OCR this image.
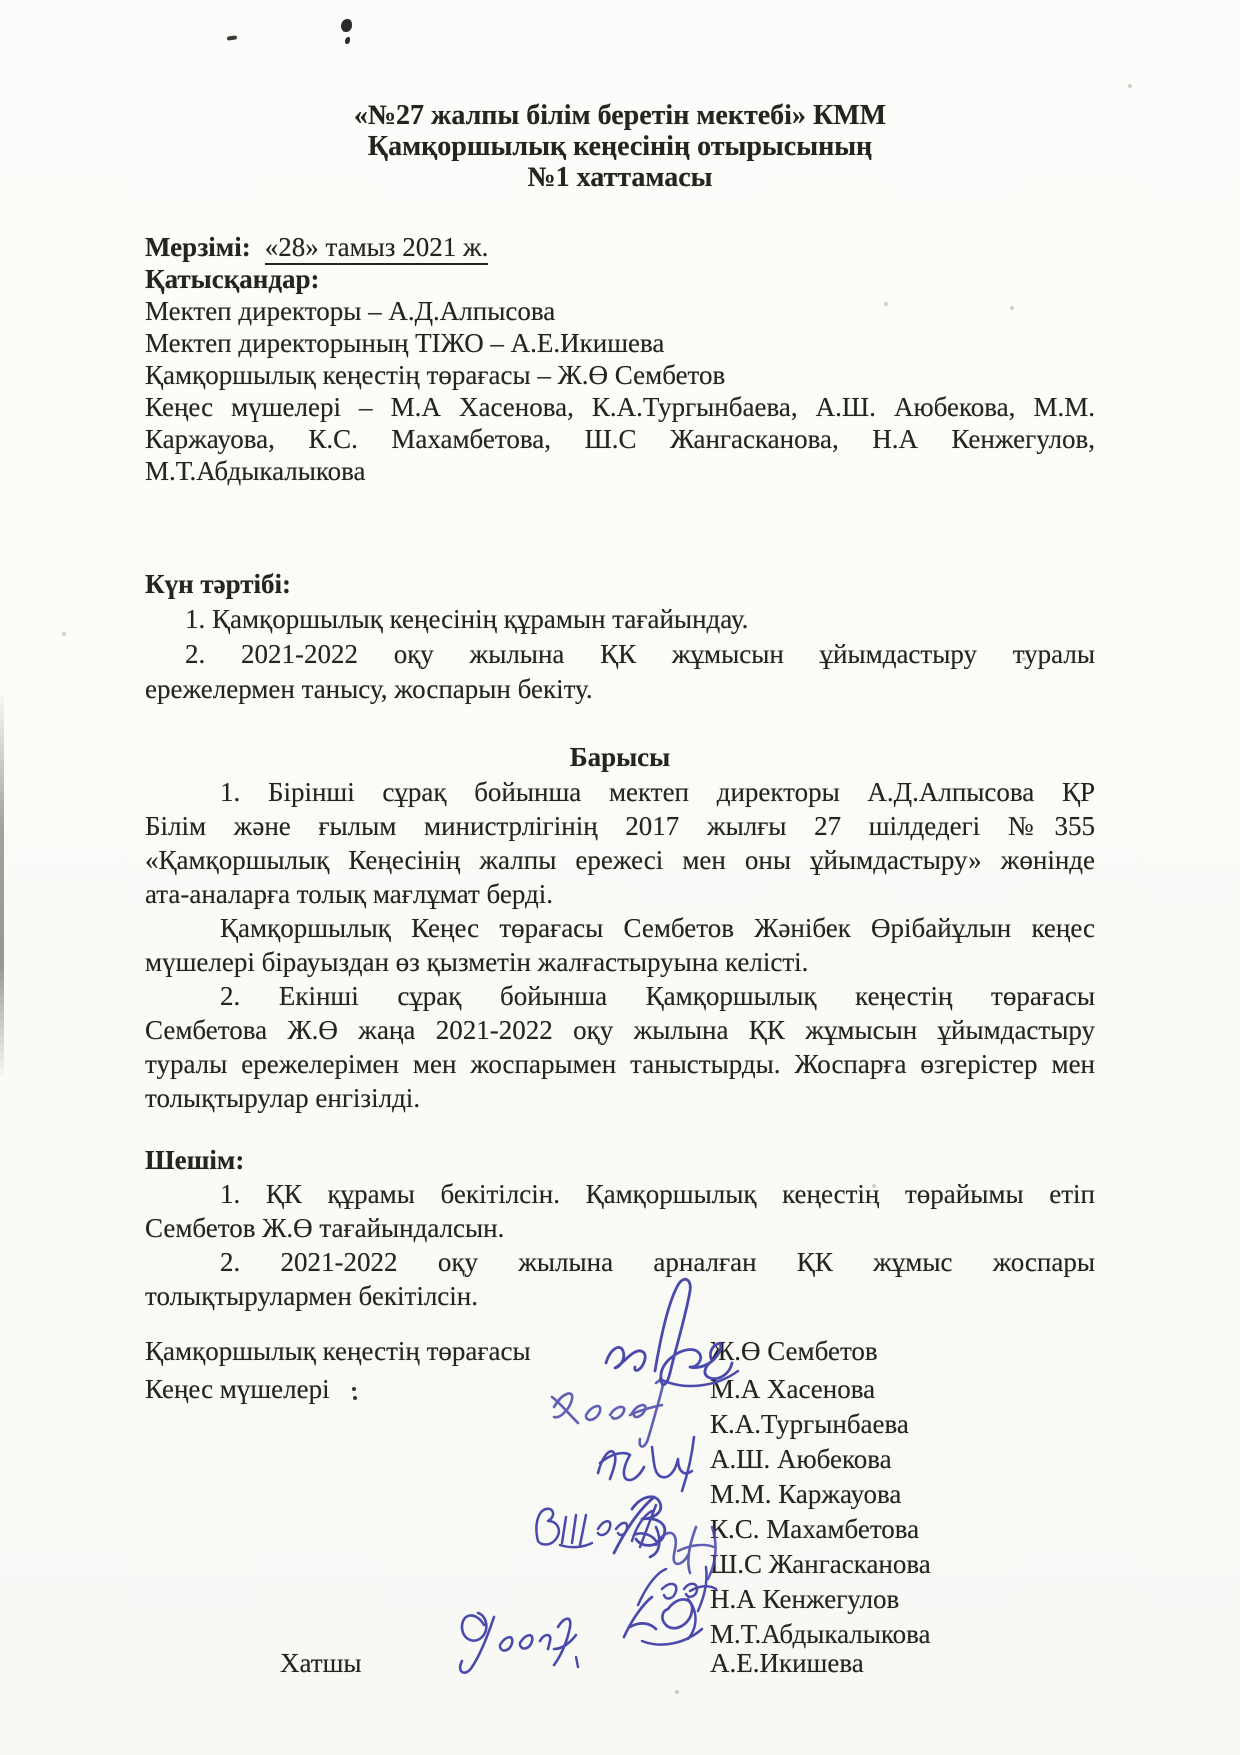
«№27 жалпы білім беретін мектебі» КММ
Қамқоршылық кеңесінің отырысының
№1 хаттамасы
Мерзімі: «28» тамыз 2021 ж.
Қатысқандар:
Мектеп директоры – А.Д.Алпысова
Мектеп директорының ТІЖО – А.Е.Икишева
Қамқоршылық кеңестің төрағасы – Ж.Ө Сембетов
Кеңес мүшелері – М.А Хасенова, К.А.Тургынбаева, А.Ш. Аюбекова, М.М.
Каржауова, К.С. Махамбетова, Ш.С Жангасканова, Н.А Кенжегулов,
М.Т.Абдыкалыкова
Күн тәртібі:
1. Қамқоршылық кеңесінің құрамын тағайындау.
2. 2021-2022 оқу жылына ҚК жұмысын ұйымдастыру туралы
ережелермен танысу, жоспарын бекіту.
Барысы
1. Бірінші сұрақ бойынша мектеп директоры А.Д.Алпысова ҚР
Білім және ғылым министрлігінің 2017 жылғы 27 шілдедегі №355
«Қамқоршылық Кеңесінің жалпы ережесі мен оны ұйымдастыру» жөнінде
ата-аналарға толық мағлұмат берді.
Қамқоршылық Кеңес төрағасы Сембетов Жәнібек Өрібайұлын кеңес
мүшелері бірауыздан өз қызметін жалғастыруына келісті.
2. Екінші сұрақ бойынша Қамқоршылық кеңестің төрағасы
Сембетова Ж.Ө жаңа 2021-2022 оқу жылына ҚК жұмысын ұйымдастыру
туралы ережелерімен мен жоспарымен таныстырды. Жоспарға өзгерістер мен
толықтырулар енгізілді.
Шешім:
1. ҚК құрамы бекітілсін. Қамқоршылық кеңестің төрайымы етіп
Сембетов Ж.Ө тағайындалсын.
2. 2021-2022 оқу жылына арналған ҚК жұмыс жоспары
толықтырулармен бекітілсін.
Қамқоршылық кеңестің төрағасы	Ж.Ө Сембетов
Кеңес мүшелері	М.А Хасенова
К.А.Тургынбаева
А.Ш. Аюбекова
М.М. Каржауова
К.С. Махамбетова
Ш.С Жангасканова
Н.А Кенжегулов
М.Т.Абдыкалыкова
Хатшы	А.Е.Икишева
